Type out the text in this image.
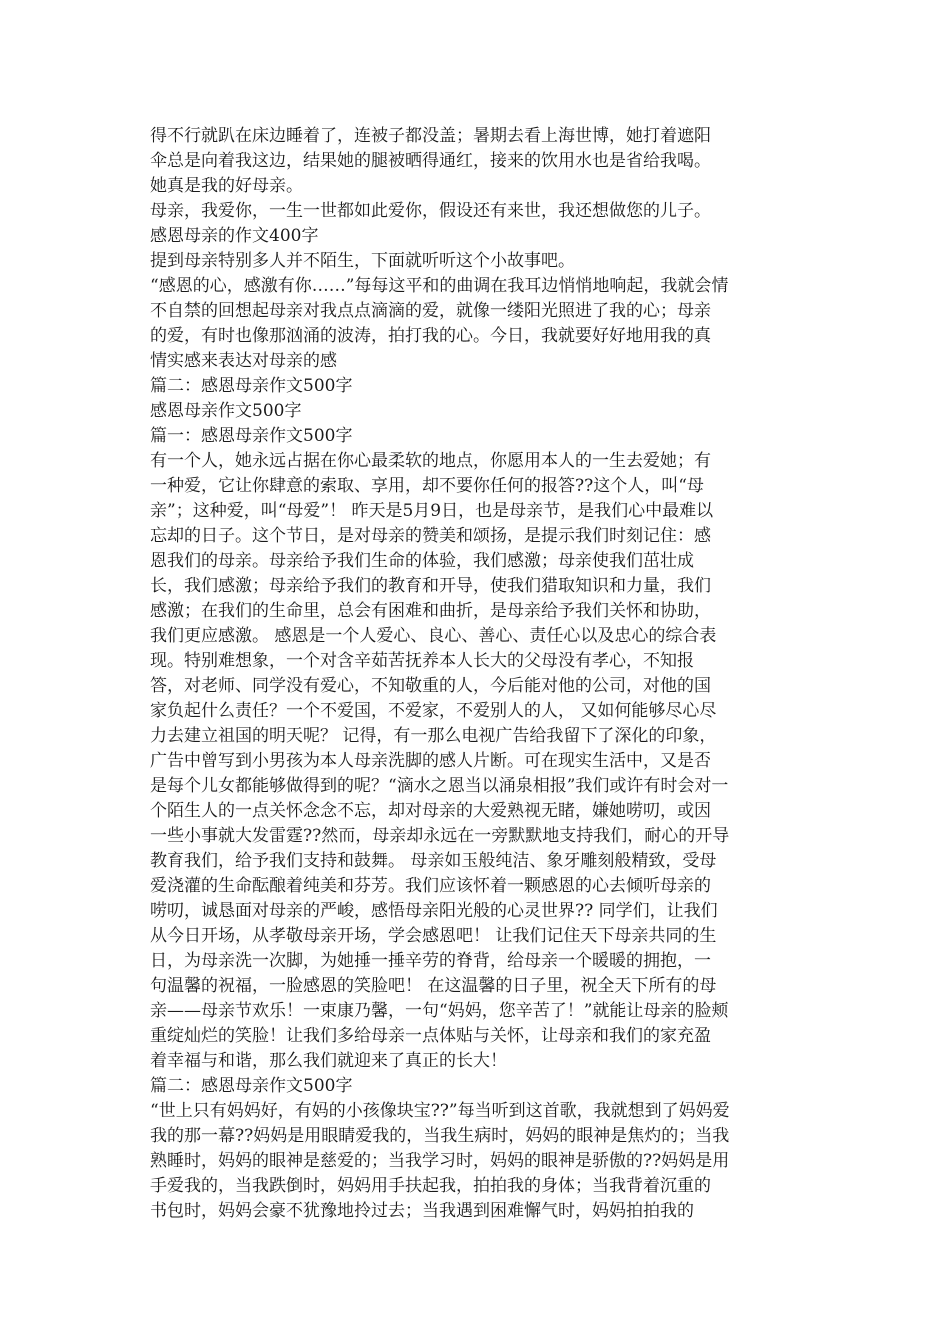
得不行就趴在床边睡着了，连被子都没盖；暑期去看上海世博，她打着遮阳
伞总是向着我这边，结果她的腿被晒得通红，接来的饮用水也是省给我喝。
她真是我的好母亲。
母亲，我爱你，一生一世都如此爱你，假设还有来世，我还想做您的儿子。
感恩母亲的作文400字
提到母亲特别多人并不陌生，下面就听听这个小故事吧。
“感恩的心，感激有你……”每每这平和的曲调在我耳边悄悄地响起，我就会情
不自禁的回想起母亲对我点点滴滴的爱，就像一缕阳光照进了我的心；母亲
的爱，有时也像那汹涌的波涛，拍打我的心。今日，我就要好好地用我的真
情实感来表达对母亲的感
篇二：感恩母亲作文500字
感恩母亲作文500字
篇一：感恩母亲作文500字
有一个人，她永远占据在你心最柔软的地点，你愿用本人的一生去爱她；有
一种爱，它让你肆意的索取、享用，却不要你任何的报答??这个人，叫“母
亲”；这种爱，叫“母爱”！ 昨天是5月9日，也是母亲节，是我们心中最难以
忘却的日子。这个节日，是对母亲的赞美和颂扬，是提示我们时刻记住：感
恩我们的母亲。母亲给予我们生命的体验，我们感激；母亲使我们茁壮成
长，我们感激；母亲给予我们的教育和开导，使我们猎取知识和力量，我们
感激；在我们的生命里，总会有困难和曲折，是母亲给予我们关怀和协助，
我们更应感激。 感恩是一个人爱心、良心、善心、责任心以及忠心的综合表
现。特别难想象，一个对含辛茹苦抚养本人长大的父母没有孝心，不知报
答，对老师、同学没有爱心，不知敬重的人，今后能对他的公司，对他的国
家负起什么责任？一个不爱国，不爱家，不爱别人的人， 又如何能够尽心尽
力去建立祖国的明天呢？ 记得，有一那么电视广告给我留下了深化的印象，
广告中曾写到小男孩为本人母亲洗脚的感人片断。可在现实生活中，又是否
是每个儿女都能够做得到的呢？“滴水之恩当以涌泉相报”我们或许有时会对一
个陌生人的一点关怀念念不忘，却对母亲的大爱熟视无睹，嫌她唠叨，或因
一些小事就大发雷霆??然而，母亲却永远在一旁默默地支持我们，耐心的开导
教育我们，给予我们支持和鼓舞。 母亲如玉般纯洁、象牙雕刻般精致，受母
爱浇灌的生命酝酿着纯美和芬芳。我们应该怀着一颗感恩的心去倾听母亲的
唠叨，诚恳面对母亲的严峻，感悟母亲阳光般的心灵世界?? 同学们，让我们
从今日开场，从孝敬母亲开场，学会感恩吧！ 让我们记住天下母亲共同的生
日，为母亲洗一次脚，为她捶一捶辛劳的脊背，给母亲一个暖暖的拥抱，一
句温馨的祝福，一脸感恩的笑脸吧！ 在这温馨的日子里，祝全天下所有的母
亲——母亲节欢乐！一束康乃馨，一句“妈妈，您辛苦了！”就能让母亲的脸颊
重绽灿烂的笑脸！让我们多给母亲一点体贴与关怀，让母亲和我们的家充盈
着幸福与和谐，那么我们就迎来了真正的长大！
篇二：感恩母亲作文500字
“世上只有妈妈好，有妈的小孩像块宝??”每当听到这首歌，我就想到了妈妈爱
我的那一幕??妈妈是用眼睛爱我的，当我生病时，妈妈的眼神是焦灼的；当我
熟睡时，妈妈的眼神是慈爱的；当我学习时，妈妈的眼神是骄傲的??妈妈是用
手爱我的，当我跌倒时，妈妈用手扶起我，拍拍我的身体；当我背着沉重的
书包时，妈妈会豪不犹豫地拎过去；当我遇到困难懈气时，妈妈拍拍我的
